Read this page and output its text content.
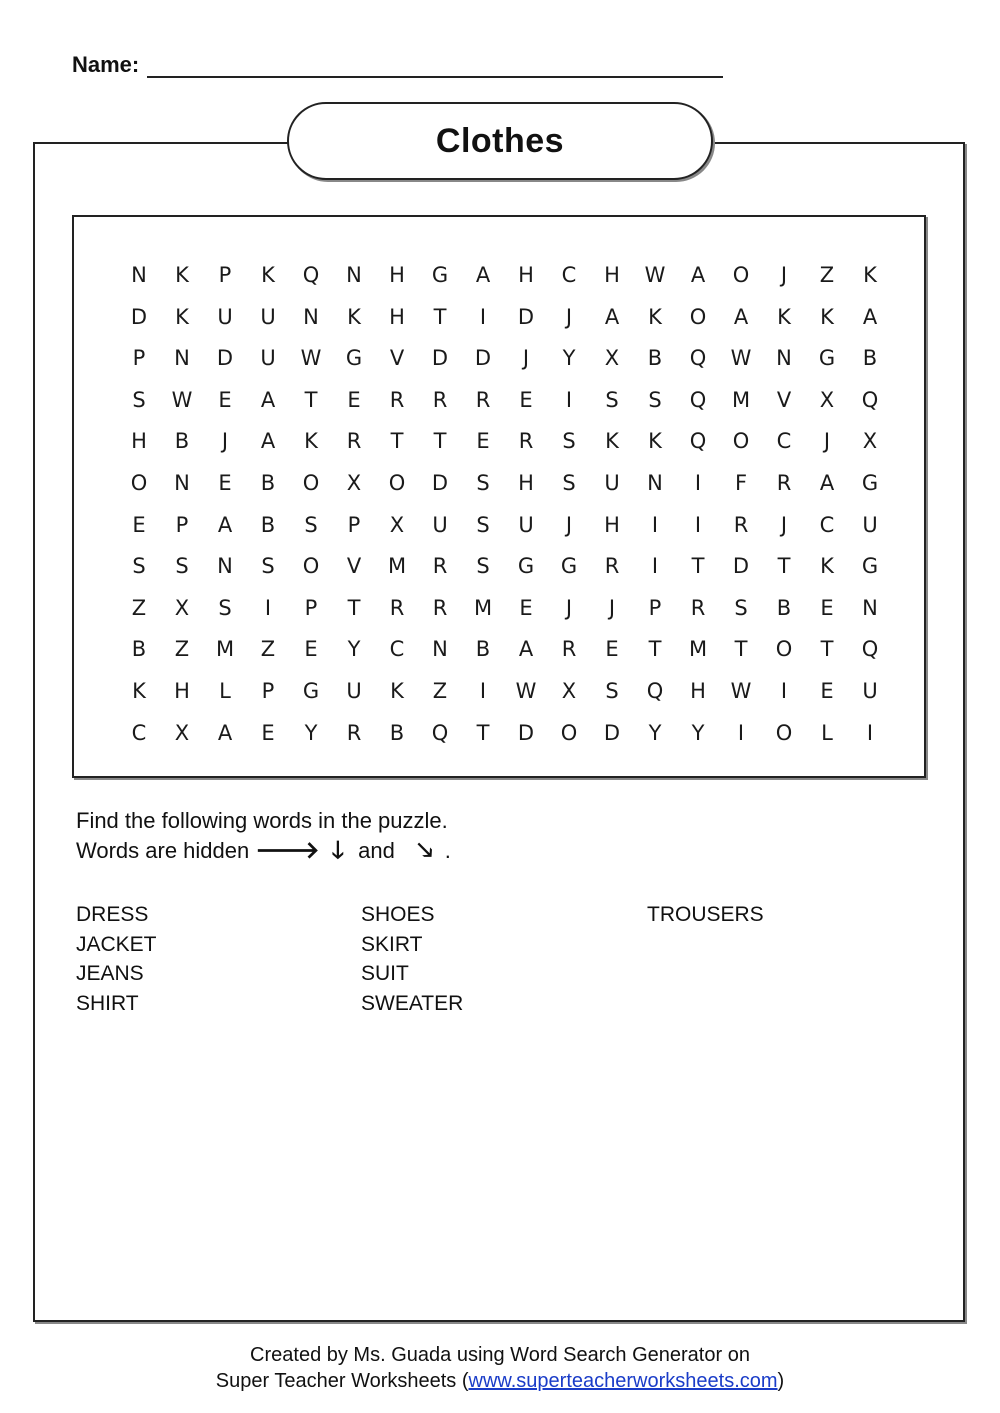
Name:
Clothes
N	K	P	K	Q	N	H	G	A	H	C	H	W	A	O	J	Z	K
D	K	U	U	N	K	H	T	I	D	J	A	K	O	A	K	K	A
P	N	D	U	W	G	V	D	D	J	Y	X	B	Q	W	N	G	B
S	W	E	A	T	E	R	R	R	E	I	S	S	Q	M	V	X	Q
H	B	J	A	K	R	T	T	E	R	S	K	K	Q	O	C	J	X
O	N	E	B	O	X	O	D	S	H	S	U	N	I	F	R	A	G
E	P	A	B	S	P	X	U	S	U	J	H	I	I	R	J	C	U
S	S	N	S	O	V	M	R	S	G	G	R	I	T	D	T	K	G
Z	X	S	I	P	T	R	R	M	E	J	J	P	R	S	B	E	N
B	Z	M	Z	E	Y	C	N	B	A	R	E	T	M	T	O	T	Q
K	H	L	P	G	U	K	Z	I	W	X	S	Q	H	W	I	E	U
C	X	A	E	Y	R	B	Q	T	D	O	D	Y	Y	I	O	L	I
Find the following words in the puzzle.
Words are hidden 🡒 🡓 and 🡖 .
DRESS
JACKET
JEANS
SHIRT
SHOES
SKIRT
SUIT
SWEATER
TROUSERS
Created by Ms. Guada using Word Search Generator on
Super Teacher Worksheets (www.superteacherworksheets.com)
